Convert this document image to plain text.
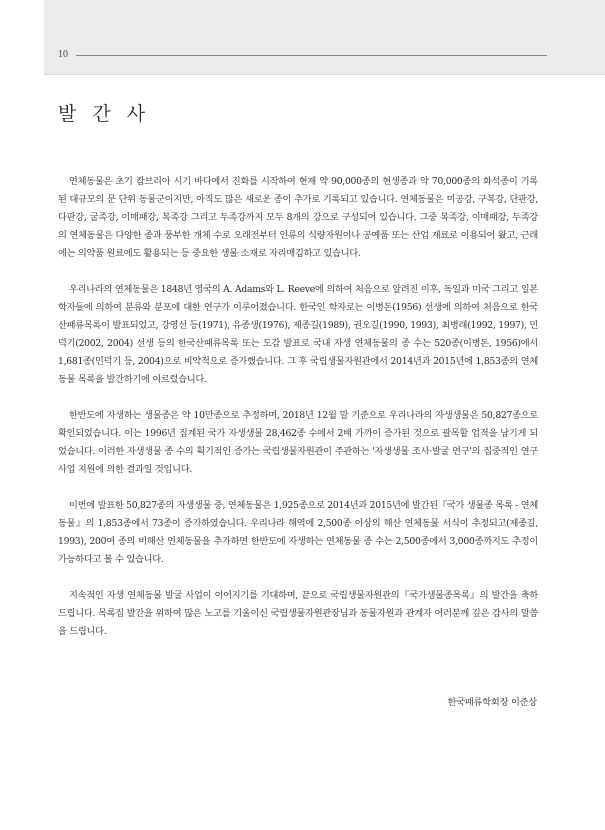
10
발 간 사

연체동물은 초기 캄브리아 시기 바다에서 진화를 시작하여 현재 약 90,000종의 현생종과 약 70,000종의 화석종이 기록된 대규모의 문 단위 동물군이지만, 아직도 많은 새로운 종이 추가로 기록되고 있습니다. 연체동물은 미공강, 구복강, 단판강, 다판강, 굴족강, 이매패강, 복족강 그리고 두족강까지 모두 8개의 강으로 구성되어 있습니다. 그중 복족강, 이매패강, 두족강의 연체동물은 다양한 종과 풍부한 개체 수로 오래전부터 인류의 식량자원이나 공예품 또는 산업 재료로 이용되어 왔고, 근래에는 의약품 원료에도 활용되는 등 중요한 생물 소재로 자리매김하고 있습니다.

우리나라의 연체동물은 1848년 영국의 A. Adams와 L. Reeve에 의하여 처음으로 알려진 이후, 독일과 미국 그리고 일본학자들에 의하여 분류와 분포에 대한 연구가 이루어졌습니다. 한국인 학자로는 이병돈(1956) 선생에 의하여 처음으로 한국산패류목록이 발표되었고, 강영선 등(1971), 유종생(1976), 제종길(1989), 권오길(1990, 1993), 최병래(1992, 1997), 민덕기(2002, 2004) 선생 등의 한국산패류목록 또는 도감 발표로 국내 자생 연체동물의 종 수는 520종(이병돈, 1956)에서 1,681종(민덕기 등, 2004)으로 비약적으로 증가했습니다. 그 후 국립생물자원관에서 2014년과 2015년에 1,853종의 연체동물 목록을 발간하기에 이르렀습니다.

한반도에 자생하는 생물종은 약 10만종으로 추정하며, 2018년 12월 말 기준으로 우리나라의 자생생물은 50,827종으로 확인되었습니다. 이는 1996년 집계된 국가 자생생물 28,462종 수에서 2배 가까이 증가된 것으로 괄목할 업적을 남기게 되었습니다. 이러한 자생생물 종 수의 획기적인 증가는 국립생물자원관이 주관하는 '자생생물 조사·발굴 연구'의 집중적인 연구사업 지원에 의한 결과일 것입니다.

이번에 발표한 50,827종의 자생생물 중, 연체동물은 1,925종으로 2014년과 2015년에 발간된『국가 생물종 목록 - 연체동물』의 1,853종에서 73종이 증가하였습니다. 우리나라 해역에 2,500종 이상의 해산 연체동물 서식이 추정되고(제종길, 1993), 200여 종의 비해산 연체동물을 추가하면 한반도에 자생하는 연체동물 종 수는 2,500종에서 3,000종까지도 추정이 가능하다고 볼 수 있습니다.

지속적인 자생 연체동물 발굴 사업이 이어지기를 기대하며, 끝으로 국립생물자원관의『국가생물종목록』의 발간을 축하드립니다. 목록집 발간을 위하여 많은 노고를 기울이신 국립생물자원관장님과 동물자원과 관계자 여러분께 깊은 감사의 말씀을 드립니다.

한국패류학회장 이준상
